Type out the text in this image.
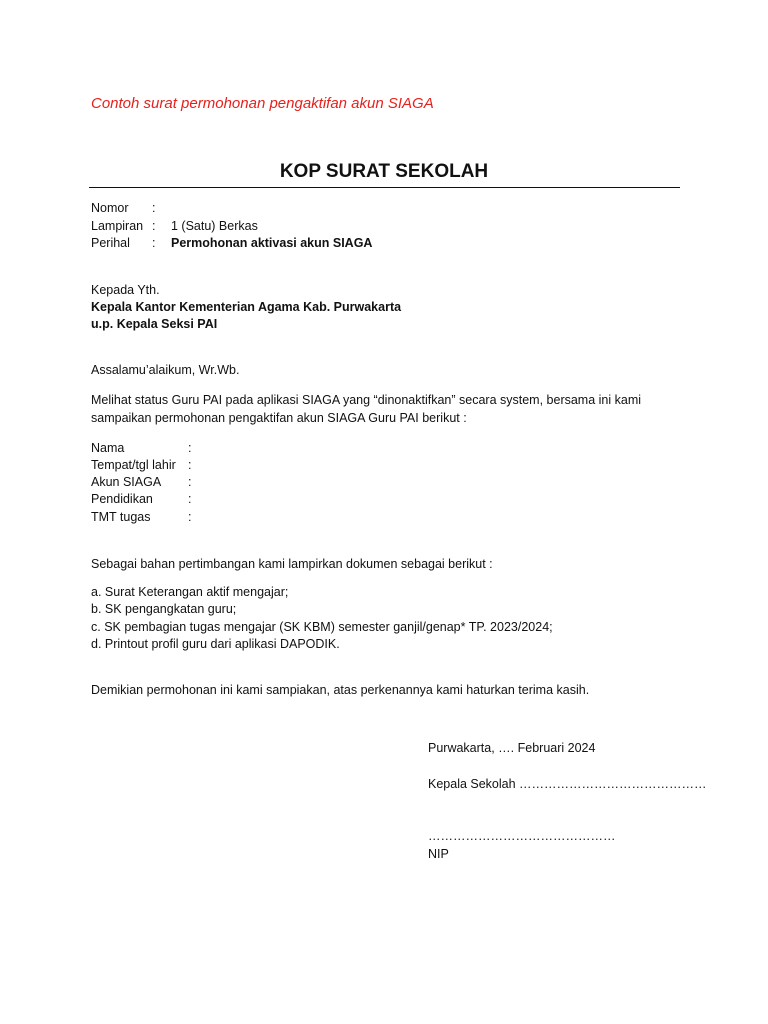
Contoh surat permohonan pengaktifan akun SIAGA
KOP SURAT SEKOLAH
Nomor :
Lampiran : 1 (Satu) Berkas
Perihal : Permohonan aktivasi akun SIAGA
Kepada Yth.
Kepala Kantor Kementerian Agama Kab. Purwakarta
u.p. Kepala Seksi PAI
Assalamu’alaikum, Wr.Wb.
Melihat status Guru PAI pada aplikasi SIAGA yang “dinonaktifkan” secara system, bersama ini kami
sampaikan permohonan pengaktifan akun SIAGA Guru PAI berikut :
Nama	:
Tempat/tgl lahir :
Akun SIAGA :
Pendidikan	:
TMT tugas	:
Sebagai bahan pertimbangan kami lampirkan dokumen sebagai berikut :
a. Surat Keterangan aktif mengajar;
b. SK pengangkatan guru;
c. SK pembagian tugas mengajar (SK KBM) semester ganjil/genap* TP. 2023/2024;
d. Printout profil guru dari aplikasi DAPODIK.
Demikian permohonan ini kami sampiakan, atas perkenannya kami haturkan terima kasih.
Purwakarta, …. Februari 2024
Kepala Sekolah ………………………………………
………………………………………
NIP
